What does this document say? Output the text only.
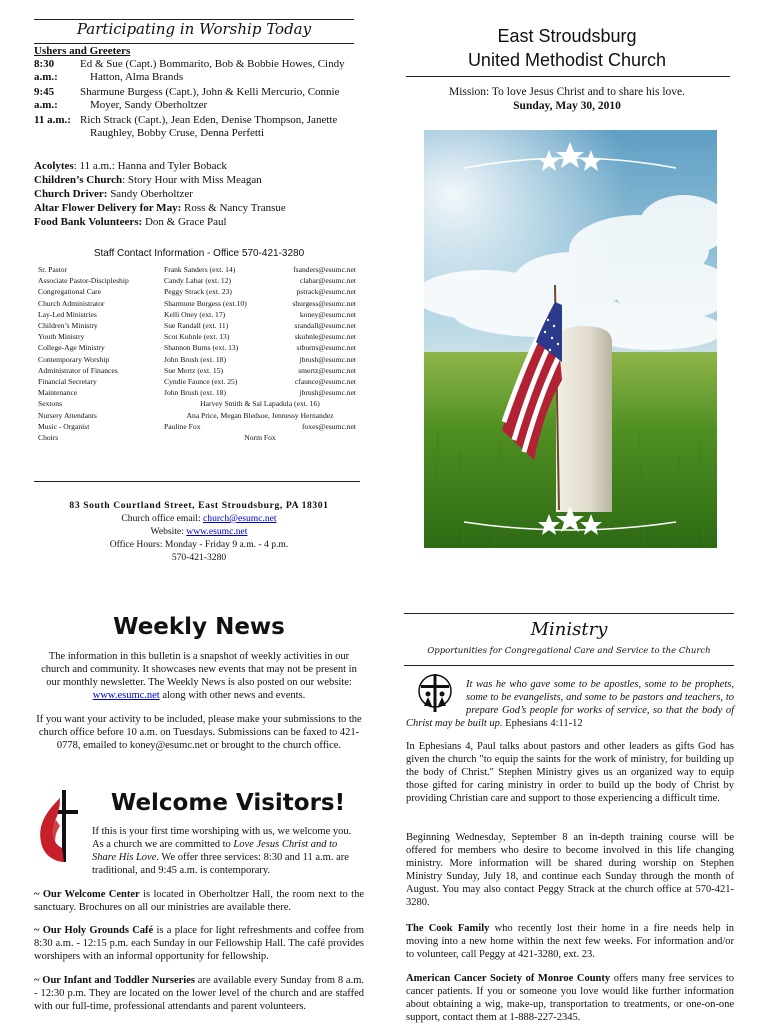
Participating in Worship Today
Ushers and Greeters
8:30 a.m.:
Ed & Sue (Capt.) Bommarito, Bob & Bobbie Howes, Cindy
Hatton, Alma Brands
9:45 a.m.:
Sharmune Burgess (Capt.), John & Kelli Mercurio, Connie
Moyer, Sandy Oberholtzer
11 a.m.: Rich Strack (Capt.), Jean Eden, Denise Thompson, Janette
Raughley, Bobby Cruse, Denna Perfetti
Acolytes: 11 a.m.: Hanna and Tyler Boback
Children’s Church: Story Hour with Miss Meagan
Church Driver: Sandy Oberholtzer
Altar Flower Delivery for May: Ross & Nancy Transue
Food Bank Volunteers: Don & Grace Paul
Staff Contact Information - Office 570-421-3280
Sr. Pastor	Frank Sanders (ext. 14)	fsanders@esumc.net
Associate Pastor-Discipleship	Candy Labar (ext. 12)	clabar@esumc.net
Congregational Care	Peggy Strack (ext. 23)	pstrack@esumc.net
Church Administrator	Sharmune Burgess (ext.10)	sburgess@esumc.net
Lay-Led Ministries	Kelli Oney (ext. 17)	koney@esumc.net
Children’s Ministry	Sue Randall (ext. 11)	srandall@esumc.net
Youth Ministry	Scot Kuhnle (ext. 13)	skuhnle@esumc.net
College-Age Ministry	Shannon Burns (ext. 13)	stburns@esumc.net
Contemporary Worship	John Brush (ext. 18)	jbrush@esumc.net
Administrator of Finances	Sue Mertz (ext. 15)	smertz@esumc.net
Financial Secretary	Cyndie Faunce (ext. 25)	cfaunce@esumc.net
Maintenance	John Brush (ext. 18)	jbrush@esumc.net
Sextons	Harvey Smith & Sal Lapadula (ext. 16)	
Nursery Attendants	Ana Price, Megan Bledsoe, Jennessy Hernandez	
Music - Organist	Pauline Fox	foxes@esumc.net
Choirs	Norm Fox	
83 South Courtland Street, East Stroudsburg, PA 18301
Church office email: church@esumc.net
Website: www.esumc.net
Office Hours: Monday - Friday 9 a.m. - 4 p.m.
570-421-3280
East Stroudsburg
United Methodist Church
Mission: To love Jesus Christ and to share his love.
Sunday, May 30, 2010
Weekly News
The information in this bulletin is a snapshot of weekly activities in our church and community. It showcases new events that may not be present in our monthly newsletter. The Weekly News is also posted on our website: www.esumc.net along with other news and events.
If you want your activity to be included, please make your submissions to the church office before 10 a.m. on Tuesdays. Submissions can be faxed to 421-0778, emailed to koney@esumc.net or brought to the church office.
Welcome Visitors!
If this is your first time worshiping with us, we welcome you. As a church we are committed to Love Jesus Christ and to Share His Love. We offer three services: 8:30 and 11 a.m. are traditional, and 9:45 a.m. is contemporary.
~ Our Welcome Center is located in Oberholtzer Hall, the room next to the sanctuary. Brochures on all our ministries are available there.
~ Our Holy Grounds Café is a place for light refreshments and coffee from 8:30 a.m. - 12:15 p.m. each Sunday in our Fellowship Hall. The café provides worshipers with an informal opportunity for fellowship.
~ Our Infant and Toddler Nurseries are available every Sunday from 8 a.m. - 12:30 p.m. They are located on the lower level of the church and are staffed with our full-time, professional attendants and parent volunteers.
Ministry
Opportunities for Congregational Care and Service to the Church
It was he who gave some to be apostles, some to be prophets, some to be evangelists, and some to be pastors and teachers, to prepare God’s people for works of service, so that the body of Christ may be built up. Ephesians 4:11-12
In Ephesians 4, Paul talks about pastors and other leaders as gifts God has given the church "to equip the saints for the work of ministry, for building up the body of Christ." Stephen Ministry gives us an organized way to equip those gifted for caring ministry in order to build up the body of Christ by providing Christian care and support to those experiencing a difficult time.
Beginning Wednesday, September 8 an in-depth training course will be offered for members who desire to become involved in this life changing ministry. More information will be shared during worship on Stephen Ministry Sunday, July 18, and continue each Sunday through the month of August. You may also contact Peggy Strack at the church office at 570-421-3280.
The Cook Family who recently lost their home in a fire needs help in moving into a new home within the next few weeks. For information and/or to volunteer, call Peggy at 421-3280, ext. 23.
American Cancer Society of Monroe County offers many free services to cancer patients. If you or someone you love would like further information about obtaining a wig, make-up, transportation to treatments, or one-on-one support, contact them at 1-888-227-2345.
